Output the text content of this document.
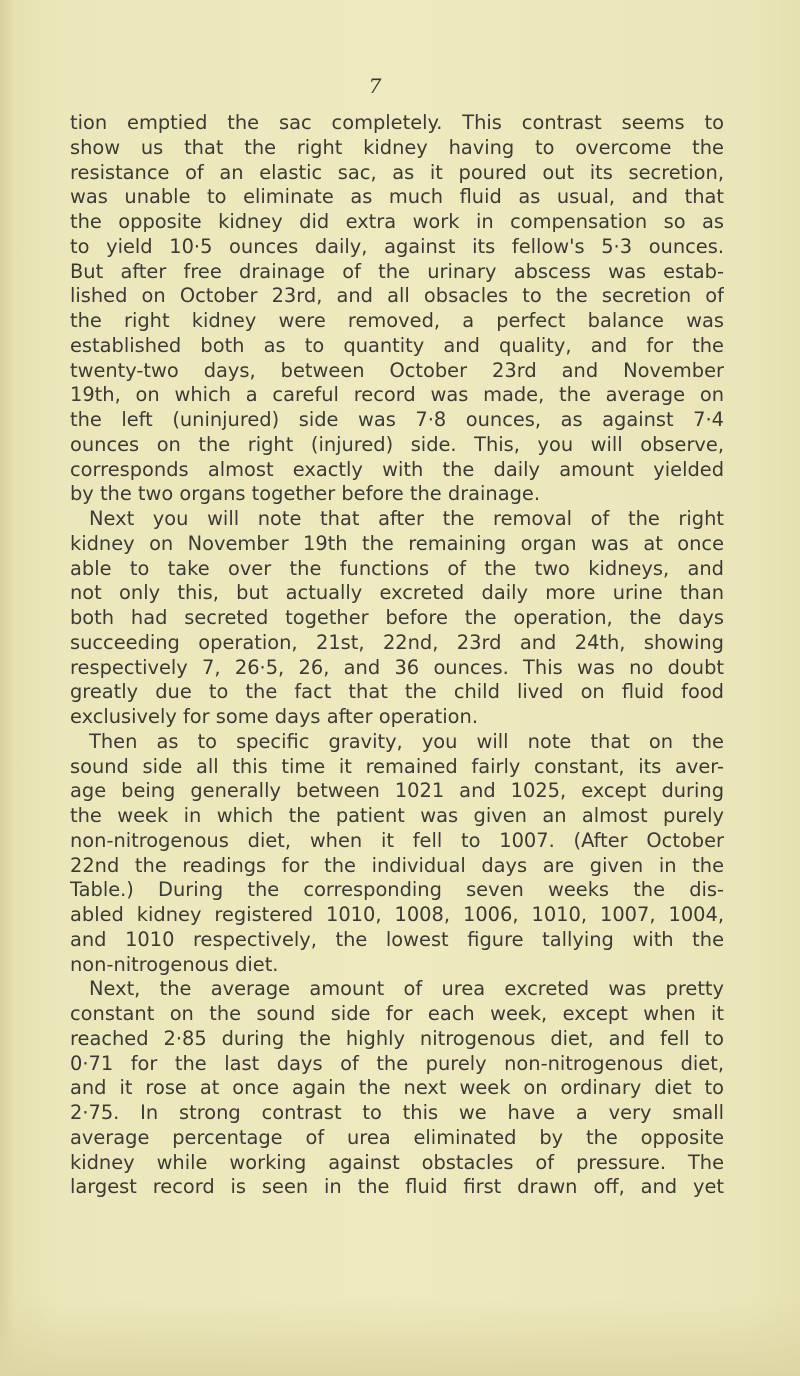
7
tion emptied the sac completely. This contrast seems to
show us that the right kidney having to overcome the
resistance of an elastic sac, as it poured out its secretion,
was unable to eliminate as much fluid as usual, and that
the opposite kidney did extra work in compensation so as
to yield 10·5 ounces daily, against its fellow's 5·3 ounces.
But after free drainage of the urinary abscess was estab-
lished on October 23rd, and all obsacles to the secretion of
the right kidney were removed, a perfect balance was
established both as to quantity and quality, and for the
twenty-two days, between October 23rd and November
19th, on which a careful record was made, the average on
the left (uninjured) side was 7·8 ounces, as against 7·4
ounces on the right (injured) side. This, you will observe,
corresponds almost exactly with the daily amount yielded
by the two organs together before the drainage.
Next you will note that after the removal of the right
kidney on November 19th the remaining organ was at once
able to take over the functions of the two kidneys, and
not only this, but actually excreted daily more urine than
both had secreted together before the operation, the days
succeeding operation, 21st, 22nd, 23rd and 24th, showing
respectively 7, 26·5, 26, and 36 ounces. This was no doubt
greatly due to the fact that the child lived on fluid food
exclusively for some days after operation.
Then as to specific gravity, you will note that on the
sound side all this time it remained fairly constant, its aver-
age being generally between 1021 and 1025, except during
the week in which the patient was given an almost purely
non-nitrogenous diet, when it fell to 1007. (After October
22nd the readings for the individual days are given in the
Table.) During the corresponding seven weeks the dis-
abled kidney registered 1010, 1008, 1006, 1010, 1007, 1004,
and 1010 respectively, the lowest figure tallying with the
non-nitrogenous diet.
Next, the average amount of urea excreted was pretty
constant on the sound side for each week, except when it
reached 2·85 during the highly nitrogenous diet, and fell to
0·71 for the last days of the purely non-nitrogenous diet,
and it rose at once again the next week on ordinary diet to
2·75. In strong contrast to this we have a very small
average percentage of urea eliminated by the opposite
kidney while working against obstacles of pressure. The
largest record is seen in the fluid first drawn off, and yet
